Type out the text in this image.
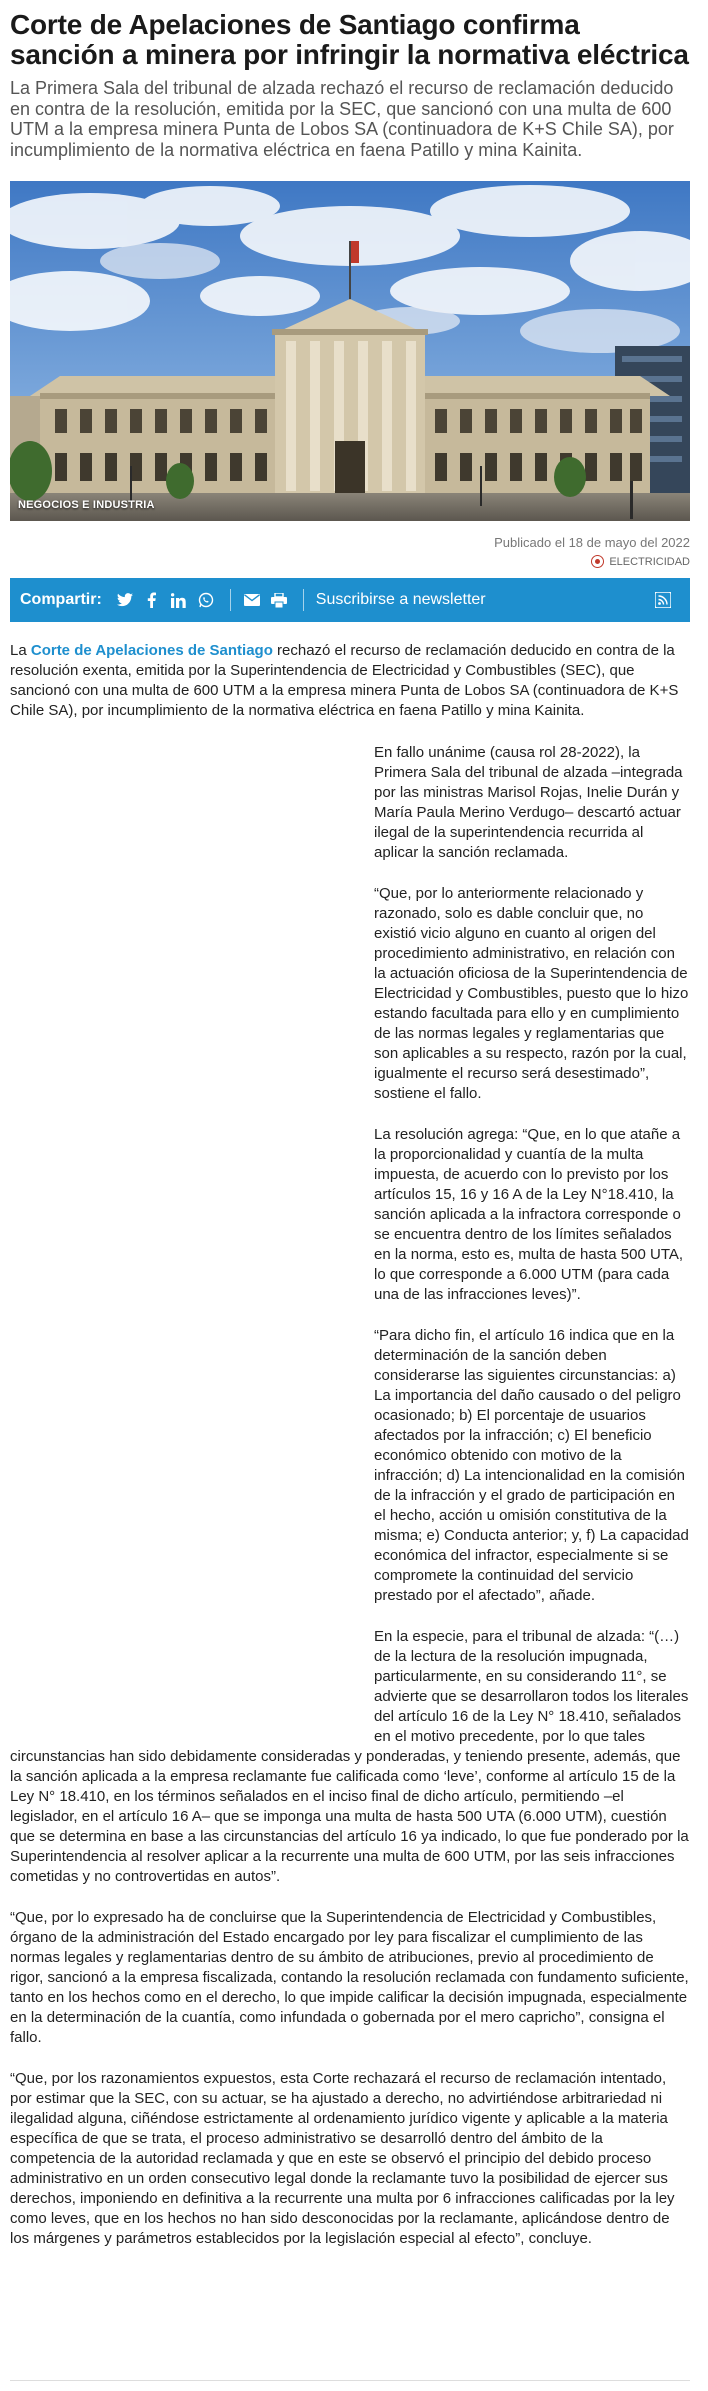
Corte de Apelaciones de Santiago confirma sanción a minera por infringir la normativa eléctrica

La Primera Sala del tribunal de alzada rechazó el recurso de reclamación deducido en contra de la resolución, emitida por la SEC, que sancionó con una multa de 600 UTM a la empresa minera Punta de Lobos SA (continuadora de K+S Chile SA), por incumplimiento de la normativa eléctrica en faena Patillo y mina Kainita.

NEGOCIOS E INDUSTRIA
Publicado el 18 de mayo del 2022
ELECTRICIDAD
Compartir:	Suscribirse a newsletter

La Corte de Apelaciones de Santiago rechazó el recurso de reclamación deducido en contra de la resolución exenta, emitida por la Superintendencia de Electricidad y Combustibles (SEC), que sancionó con una multa de 600 UTM a la empresa minera Punta de Lobos SA (continuadora de K+S Chile SA), por incumplimiento de la normativa eléctrica en faena Patillo y mina Kainita.

En fallo unánime (causa rol 28-2022), la Primera Sala del tribunal de alzada –integrada por las ministras Marisol Rojas, Inelie Durán y María Paula Merino Verdugo– descartó actuar ilegal de la superintendencia recurrida al aplicar la sanción reclamada.

“Que, por lo anteriormente relacionado y razonado, solo es dable concluir que, no existió vicio alguno en cuanto al origen del procedimiento administrativo, en relación con la actuación oficiosa de la Superintendencia de Electricidad y Combustibles, puesto que lo hizo estando facultada para ello y en cumplimiento de las normas legales y reglamentarias que son aplicables a su respecto, razón por la cual, igualmente el recurso será desestimado”, sostiene el fallo.

La resolución agrega: “Que, en lo que atañe a la proporcionalidad y cuantía de la multa impuesta, de acuerdo con lo previsto por los artículos 15, 16 y 16 A de la Ley N°18.410, la sanción aplicada a la infractora corresponde o se encuentra dentro de los límites señalados en la norma, esto es, multa de hasta 500 UTA, lo que corresponde a 6.000 UTM (para cada una de las infracciones leves)”.

“Para dicho fin, el artículo 16 indica que en la determinación de la sanción deben considerarse las siguientes circunstancias: a) La importancia del daño causado o del peligro ocasionado; b) El porcentaje de usuarios afectados por la infracción; c) El beneficio económico obtenido con motivo de la infracción; d) La intencionalidad en la comisión de la infracción y el grado de participación en el hecho, acción u omisión constitutiva de la misma; e) Conducta anterior; y, f) La capacidad económica del infractor, especialmente si se compromete la continuidad del servicio prestado por el afectado”, añade.

En la especie, para el tribunal de alzada: “(…) de la lectura de la resolución impugnada, particularmente, en su considerando 11°, se advierte que se desarrollaron todos los literales del artículo 16 de la Ley N° 18.410, señalados en el motivo precedente, por lo que tales circunstancias han sido debidamente consideradas y ponderadas, y teniendo presente, además, que la sanción aplicada a la empresa reclamante fue calificada como ‘leve’, conforme al artículo 15 de la Ley N° 18.410, en los términos señalados en el inciso final de dicho artículo, permitiendo –el legislador, en el artículo 16 A– que se imponga una multa de hasta 500 UTA (6.000 UTM), cuestión que se determina en base a las circunstancias del artículo 16 ya indicado, lo que fue ponderado por la Superintendencia al resolver aplicar a la recurrente una multa de 600 UTM, por las seis infracciones cometidas y no controvertidas en autos”.

“Que, por lo expresado ha de concluirse que la Superintendencia de Electricidad y Combustibles, órgano de la administración del Estado encargado por ley para fiscalizar el cumplimiento de las normas legales y reglamentarias dentro de su ámbito de atribuciones, previo al procedimiento de rigor, sancionó a la empresa fiscalizada, contando la resolución reclamada con fundamento suficiente, tanto en los hechos como en el derecho, lo que impide calificar la decisión impugnada, especialmente en la determinación de la cuantía, como infundada o gobernada por el mero capricho”, consigna el fallo.

“Que, por los razonamientos expuestos, esta Corte rechazará el recurso de reclamación intentado, por estimar que la SEC, con su actuar, se ha ajustado a derecho, no advirtiéndose arbitrariedad ni ilegalidad alguna, ciñéndose estrictamente al ordenamiento jurídico vigente y aplicable a la materia específica de que se trata, el proceso administrativo se desarrolló dentro del ámbito de la competencia de la autoridad reclamada y que en este se observó el principio del debido proceso administrativo en un orden consecutivo legal donde la reclamante tuvo la posibilidad de ejercer sus derechos, imponiendo en definitiva a la recurrente una multa por 6 infracciones calificadas por la ley como leves, que en los hechos no han sido desconocidas por la reclamante, aplicándose dentro de los márgenes y parámetros establecidos por la legislación especial al efecto”, concluye.
